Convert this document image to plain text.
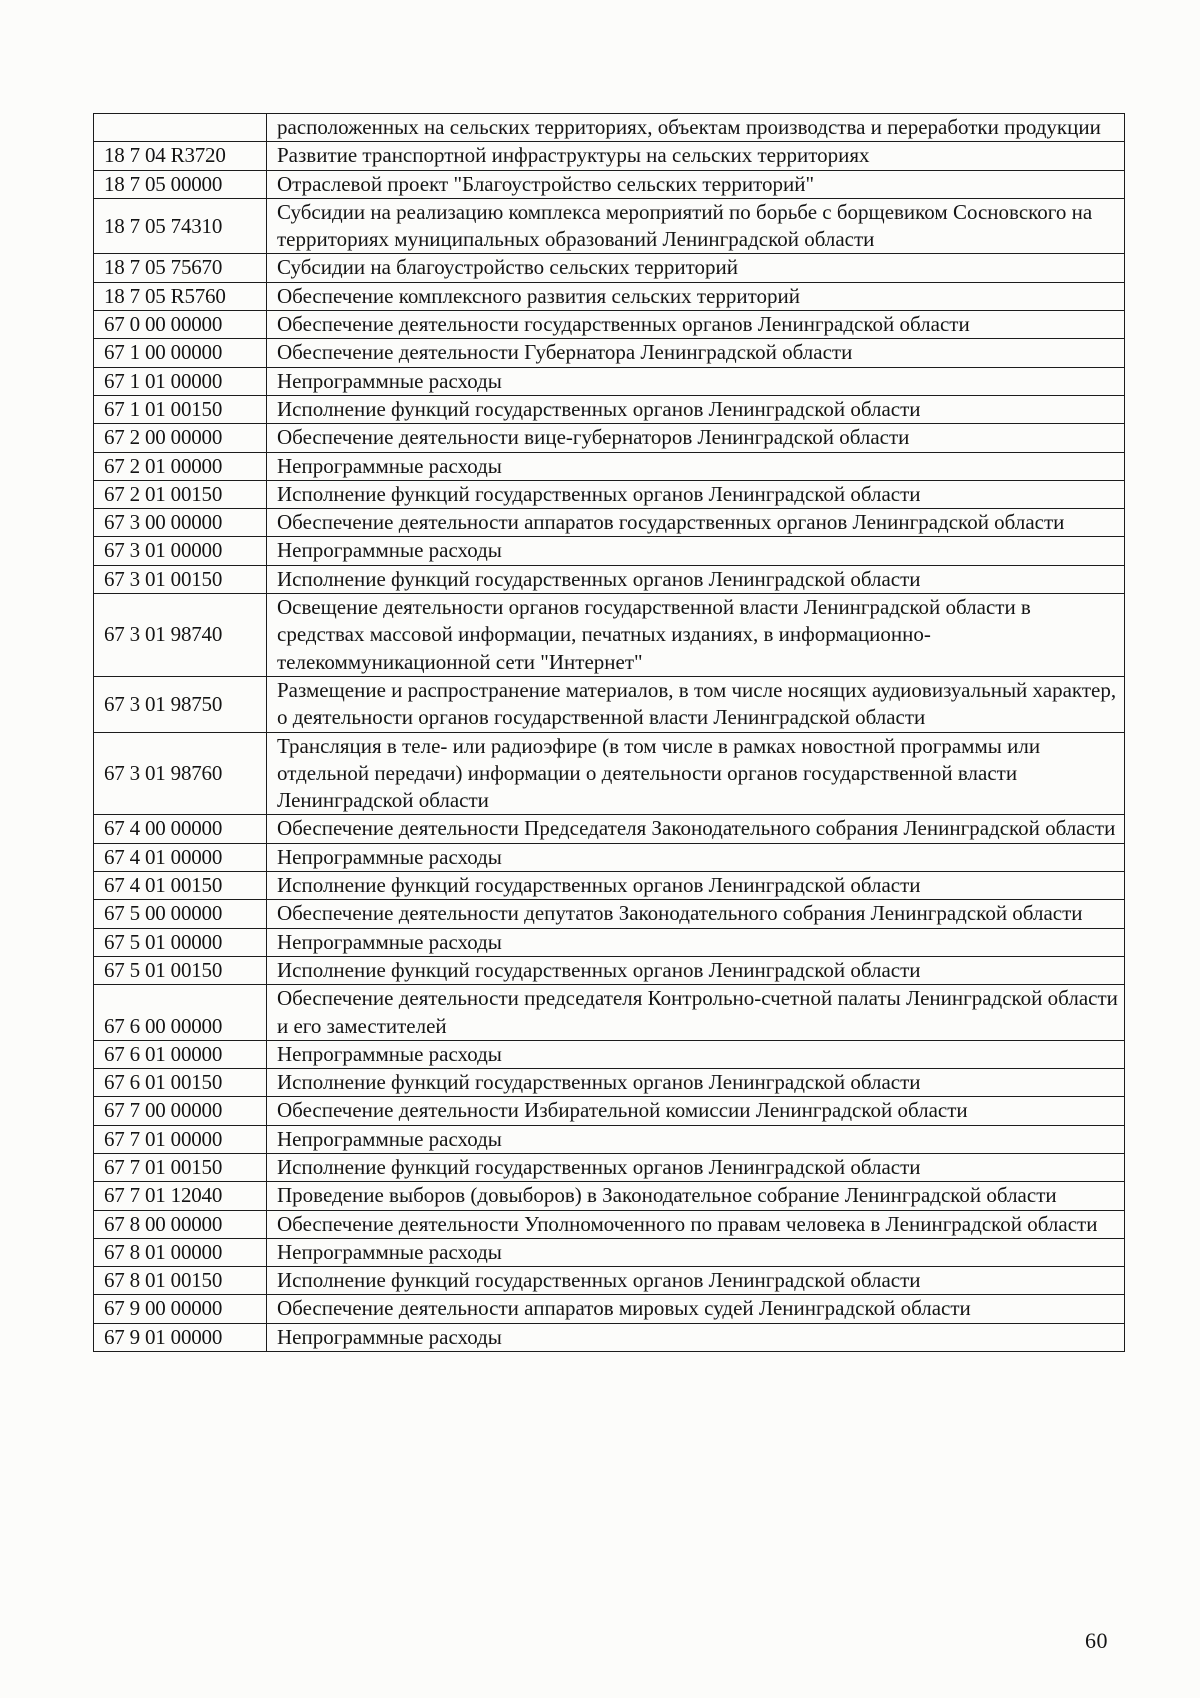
	расположенных на сельских территориях, объектам производства и переработки продукции
18 7 04 R3720	Развитие транспортной инфраструктуры на сельских территориях
18 7 05 00000	Отраслевой проект "Благоустройство сельских территорий"
18 7 05 74310	Субсидии на реализацию комплекса мероприятий по борьбе с борщевиком Сосновского на территориях муниципальных образований Ленинградской области
18 7 05 75670	Субсидии на благоустройство сельских территорий
18 7 05 R5760	Обеспечение комплексного развития сельских территорий
67 0 00 00000	Обеспечение деятельности государственных органов Ленинградской области
67 1 00 00000	Обеспечение деятельности Губернатора Ленинградской области
67 1 01 00000	Непрограммные расходы
67 1 01 00150	Исполнение функций государственных органов Ленинградской области
67 2 00 00000	Обеспечение деятельности вице-губернаторов Ленинградской области
67 2 01 00000	Непрограммные расходы
67 2 01 00150	Исполнение функций государственных органов Ленинградской области
67 3 00 00000	Обеспечение деятельности аппаратов государственных органов Ленинградской области
67 3 01 00000	Непрограммные расходы
67 3 01 00150	Исполнение функций государственных органов Ленинградской области
67 3 01 98740	Освещение деятельности органов государственной власти Ленинградской области в средствах массовой информации, печатных изданиях, в информационно-телекоммуникационной сети "Интернет"
67 3 01 98750	Размещение и распространение материалов, в том числе носящих аудиовизуальный характер, о деятельности органов государственной власти Ленинградской области
67 3 01 98760	Трансляция в теле- или радиоэфире (в том числе в рамках новостной программы или отдельной передачи) информации о деятельности органов государственной власти Ленинградской области
67 4 00 00000	Обеспечение деятельности Председателя Законодательного собрания Ленинградской области
67 4 01 00000	Непрограммные расходы
67 4 01 00150	Исполнение функций государственных органов Ленинградской области
67 5 00 00000	Обеспечение деятельности депутатов Законодательного собрания Ленинградской области
67 5 01 00000	Непрограммные расходы
67 5 01 00150	Исполнение функций государственных органов Ленинградской области
67 6 00 00000	Обеспечение деятельности председателя Контрольно-счетной палаты Ленинградской области и его заместителей
67 6 01 00000	Непрограммные расходы
67 6 01 00150	Исполнение функций государственных органов Ленинградской области
67 7 00 00000	Обеспечение деятельности Избирательной комиссии Ленинградской области
67 7 01 00000	Непрограммные расходы
67 7 01 00150	Исполнение функций государственных органов Ленинградской области
67 7 01 12040	Проведение выборов (довыборов) в Законодательное собрание Ленинградской области
67 8 00 00000	Обеспечение деятельности Уполномоченного по правам человека в Ленинградской области
67 8 01 00000	Непрограммные расходы
67 8 01 00150	Исполнение функций государственных органов Ленинградской области
67 9 00 00000	Обеспечение деятельности аппаратов мировых судей Ленинградской области
67 9 01 00000	Непрограммные расходы
60
